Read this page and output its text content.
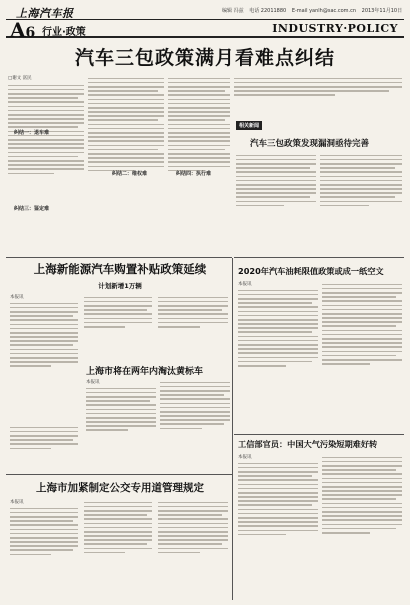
上海汽车报	编辑 冯兹 电话 22011880 E-mail yanlh@sac.com.cn 2013年11月10日
A6 行业·政策	INDUSTRY·POLICY
汽车三包政策满月看难点纠结
□谢文 富民
纠结一：退车难
纠结三：鉴定难
纠结二：维权难	纠结四：执行难
相关新闻
汽车三包政策发现漏洞亟待完善
上海新能源汽车购置补贴政策延续
计划新增1万辆
本报讯
上海市将在两年内淘汰黄标车
本报讯
上海市加紧制定公交专用道管理规定
本报讯
2020年汽车油耗限值政策或成一纸空文
本报讯
工信部官员：中国大气污染短期难好转
本报讯
